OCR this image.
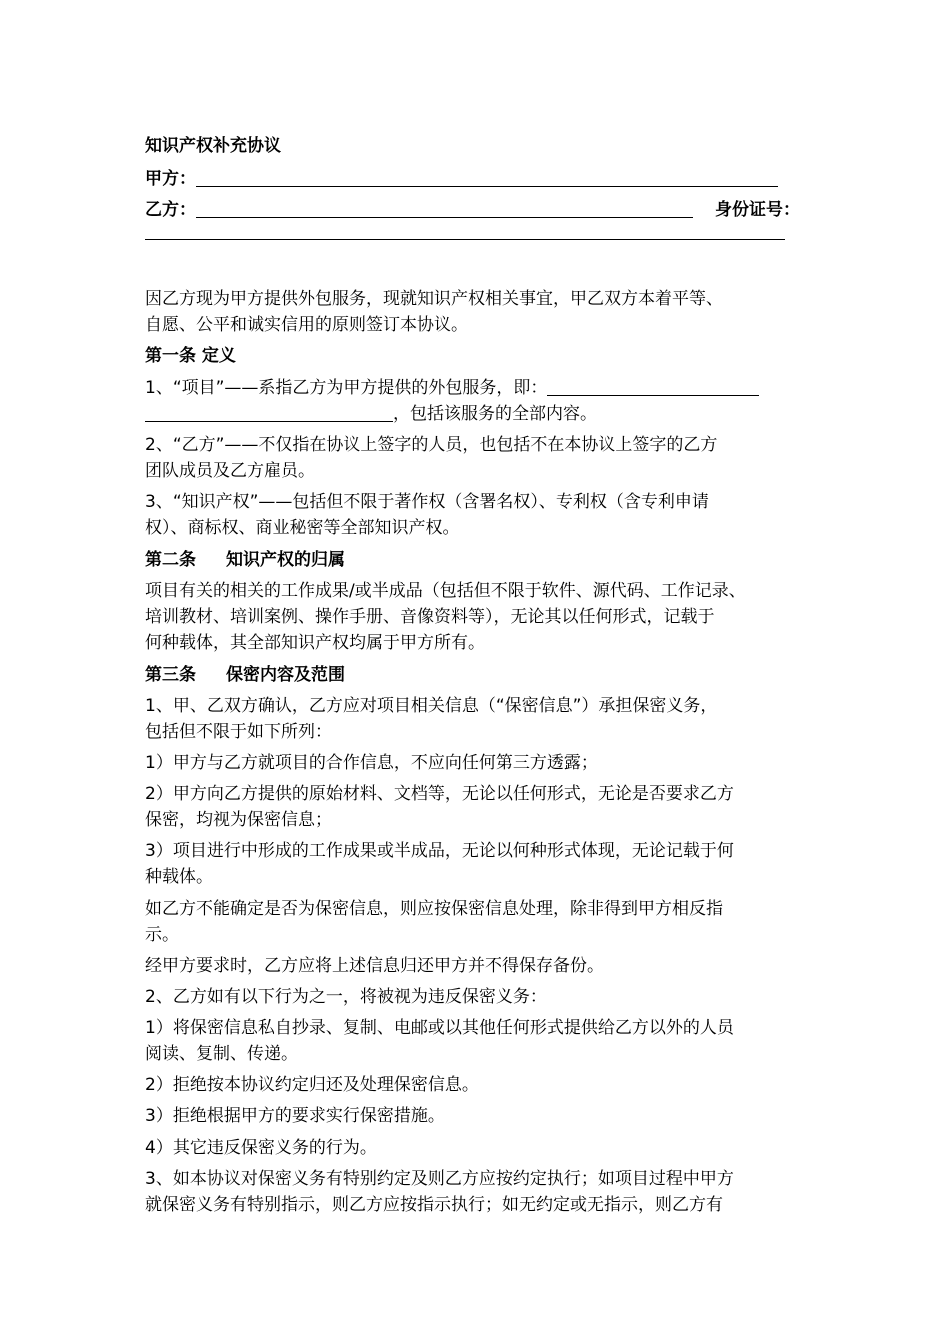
知识产权补充协议
甲方：
乙方：	身份证号：
因乙方现为甲方提供外包服务，现就知识产权相关事宜，甲乙双方本着平等、
自愿、公平和诚实信用的原则签订本协议。
第一条 定义
1、“项目”——系指乙方为甲方提供的外包服务，即：
，包括该服务的全部内容。
2、“乙方”——不仅指在协议上签字的人员，也包括不在本协议上签字的乙方
团队成员及乙方雇员。
3、“知识产权”——包括但不限于著作权（含署名权）、专利权（含专利申请
权）、商标权、商业秘密等全部知识产权。
第二条 知识产权的归属
项目有关的相关的工作成果/或半成品（包括但不限于软件、源代码、工作记录、
培训教材、培训案例、操作手册、音像资料等），无论其以任何形式，记载于
何种载体，其全部知识产权均属于甲方所有。
第三条 保密内容及范围
1、甲、乙双方确认，乙方应对项目相关信息（“保密信息”）承担保密义务，
包括但不限于如下所列：
1）甲方与乙方就项目的合作信息，不应向任何第三方透露；
2）甲方向乙方提供的原始材料、文档等，无论以任何形式，无论是否要求乙方
保密，均视为保密信息；
3）项目进行中形成的工作成果或半成品，无论以何种形式体现，无论记载于何
种载体。
如乙方不能确定是否为保密信息，则应按保密信息处理，除非得到甲方相反指
示。
经甲方要求时，乙方应将上述信息归还甲方并不得保存备份。
2、乙方如有以下行为之一，将被视为违反保密义务：
1）将保密信息私自抄录、复制、电邮或以其他任何形式提供给乙方以外的人员
阅读、复制、传递。
2）拒绝按本协议约定归还及处理保密信息。
3）拒绝根据甲方的要求实行保密措施。
4）其它违反保密义务的行为。
3、如本协议对保密义务有特别约定及则乙方应按约定执行；如项目过程中甲方
就保密义务有特别指示，则乙方应按指示执行；如无约定或无指示，则乙方有
